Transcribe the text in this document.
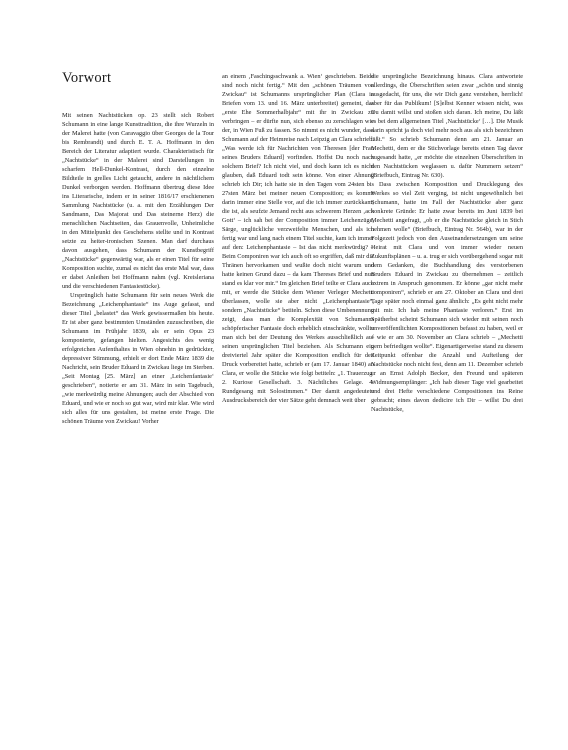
Vorwort

Mit seinen Nachtstücken op. 23 stellt sich Robert Schumann in eine lange Kunsttradition, die ihre Wurzeln in der Malerei hatte (von Caravaggio über Georges de la Tour bis Rembrandt) und durch E. T. A. Hoffmann in den Bereich der Literatur adaptiert wurde. Charakteristisch für „Nachtstücke“ in der Malerei sind Darstellungen in scharfem Hell-Dunkel-Kontrast, durch den einzelne Bildteile in grelles Licht getaucht, andere in nächtlichem Dunkel verborgen werden. Hoffmann übertrug diese Idee ins Literarische, indem er in seiner 1816/17 erschienenen Sammlung Nachtstücke (u. a. mit den Erzählungen Der Sandmann, Das Majorat und Das steinerne Herz) die menschlichen Nachtseiten, das Grauenvolle, Unheimliche in den Mittelpunkt des Geschehens stellte und in Kontrast setzte zu heiter-ironischen Szenen. Man darf durchaus davon ausgehen, dass Schumann der Kunstbegriff „Nachtstücke“ gegenwärtig war, als er einen Titel für seine Komposition suchte, zumal es nicht das erste Mal war, dass er dabei Anleihen bei Hoffmann nahm (vgl. Kreisleriana und die verschiedenen Fantasiestücke).

Ursprünglich hatte Schumann für sein neues Werk die Bezeichnung „Leichenphantasie“ ins Auge gefasst, und dieser Titel „belastet“ das Werk gewissermaßen bis heute. Er ist aber ganz bestimmten Umständen zuzuschreiben, die Schumann im Frühjahr 1839, als er sein Opus 23 komponierte, gefangen hielten. Angesichts des wenig erfolgreichen Aufenthaltes in Wien ohnehin in gedrückter, depressiver Stimmung, erhielt er dort Ende März 1839 die Nachricht, sein Bruder Eduard in Zwickau liege im Sterben. „Seit Montag [25. März] an einer ‚Leichenfantasie‘ geschrieben“, notierte er am 31. März in sein Tagebuch, „wie merkwürdig meine Ahnungen; auch der Abschied von Eduard, und wie er noch so gut war, wird mir klar. Wie wird sich alles für uns gestalten, ist meine erste Frage. Die schönen Träume von Zwickau! Vorher

an einem ‚Faschingsschwank a. Wien‘ geschrieben. Beide sind noch nicht fertig.“ Mit den „schönen Träumen von Zwickau“ ist Schumanns ursprünglicher Plan (Clara in Briefen vom 13. und 16. März unterbreitet) gemeint, das „erste Ehe Sommerhalbjahr“ mit ihr in Zwickau zu verbringen – er dürfte nun, sich ebenso zu zerschlagen wie der, in Wien Fuß zu fassen. So nimmt es nicht wunder, dass Schumann auf der Heimreise nach Leipzig an Clara schrieb: „Was werde ich für Nachrichten von Theresen [der Frau seines Bruders Eduard] vorfinden. Hoffst Du noch nach solchem Brief? Ich nicht viel, und doch kann ich es nicht glauben, daß Eduard todt sein könne. Von einer Ahnung schrieb ich Dir; ich hatte sie in den Tagen vom 24sten bis 27sten März bei meiner neuen Composition; es kommt darin immer eine Stelle vor, auf die ich immer zurückkam; die ist, als seufzte Jemand recht aus schwerem Herzen ‚ach Gott‘ – ich sah bei der Composition immer Leichenzüge, Särge, unglückliche verzweifelte Menschen, und als ich fertig war und lang nach einem Titel suchte, kam ich immer auf den: Leichenphantasie – Ist das nicht merkwürdig? – Beim Componiren war ich auch oft so ergriffen, daß mir die Thränen hervorkamen und wußte doch nicht warum und hatte keinen Grund dazu – da kam Thereses Brief und nun stand es klar vor mir.“ Im gleichen Brief teilte er Clara auch mit, er werde die Stücke dem Wiener Verleger Mechetti überlassen, wolle sie aber nicht „Leichenphantasie“, sondern „Nachtstücke“ betiteln. Schon diese Umbenennung zeigt, dass man die Komplexität von Schumanns schöpferischer Fantasie doch erheblich einschränkte, wollte man sich bei der Deutung des Werkes ausschließlich auf seinen ursprünglichen Titel beziehen. Als Schumann ein dreiviertel Jahr später die Komposition endlich für den Druck vorbereitet hatte, schrieb er (am 17. Januar 1840) an Clara, er wolle die Stücke wie folgt betiteln: „1. Trauerzug. 2. Kuriose Gesellschaft. 3. Nächtliches Gelage. 4. Rundgesang mit Solostimmen.“ Der damit angedeutete Ausdrucksbereich der vier Sätze geht demnach weit über

die ursprüngliche Bezeichnung hinaus. Clara antwortete allerdings, die Überschriften seien zwar „schön und sinnig ausgedacht, für uns, die wir Dich ganz verstehen, herrlich! aber für das Publikum! [S]elbst Kenner wissen nicht, was Du damit willst und stoßen sich daran. Ich meine, Du läßt es bei dem allgemeinen Titel ‚Nachtstücke‘ […]. Die Musik darin spricht ja doch viel mehr noch aus als sich bezeichnen läßt.“ So schrieb Schumann denn am 21. Januar an Mechetti, dem er die Stichvorlage bereits einen Tag davor zugesandt hatte, „er möchte die einzelnen Überschriften in den Nachtstücken weglassen u. dafür Nummern setzen“ (Briefbuch, Eintrag Nr. 630).

Dass zwischen Komposition und Drucklegung des Werkes so viel Zeit verging, ist nicht ungewöhnlich bei Schumann, hatte im Fall der Nachtstücke aber ganz konkrete Gründe: Er hatte zwar bereits im Juni 1839 bei Mechetti angefragt, „ob er die Nachtstücke gleich in Stich nehmen wolle“ (Briefbuch, Eintrag Nr. 564b), war in der Folgezeit jedoch von den Auseinandersetzungen um seine Heirat mit Clara und von immer wieder neuen Zukunftsplänen – u. a. trug er sich vorübergehend sogar mit dem Gedanken, die Buchhandlung des verstorbenen Bruders Eduard in Zwickau zu übernehmen – zeitlich extrem in Anspruch genommen. Er könne „gar nicht mehr componiren“, schrieb er am 27. Oktober an Clara und drei Tage später noch einmal ganz ähnlich: „Es geht nicht mehr mit mir. Ich hab meine Phantasie verloren.“ Erst im Spätherbst scheint Schumann sich wieder mit seinen noch unveröffentlichten Kompositionen befasst zu haben, weil er – wie er am 30. November an Clara schrieb – „Mechetti gern befriedigen wollte“. Eigenartigerweise stand zu diesem Zeitpunkt offenbar die Anzahl und Aufteilung der Nachtstücke noch nicht fest, denn am 11. Dezember schrieb er an Ernst Adolph Becker, den Freund und späteren Widmungsempfänger: „Ich hab dieser Tage viel gearbeitet und drei Hefte verschiedene Compositionen ins Reine gebracht; eines davon dedicire ich Dir – willst Du drei Nachtstücke,
